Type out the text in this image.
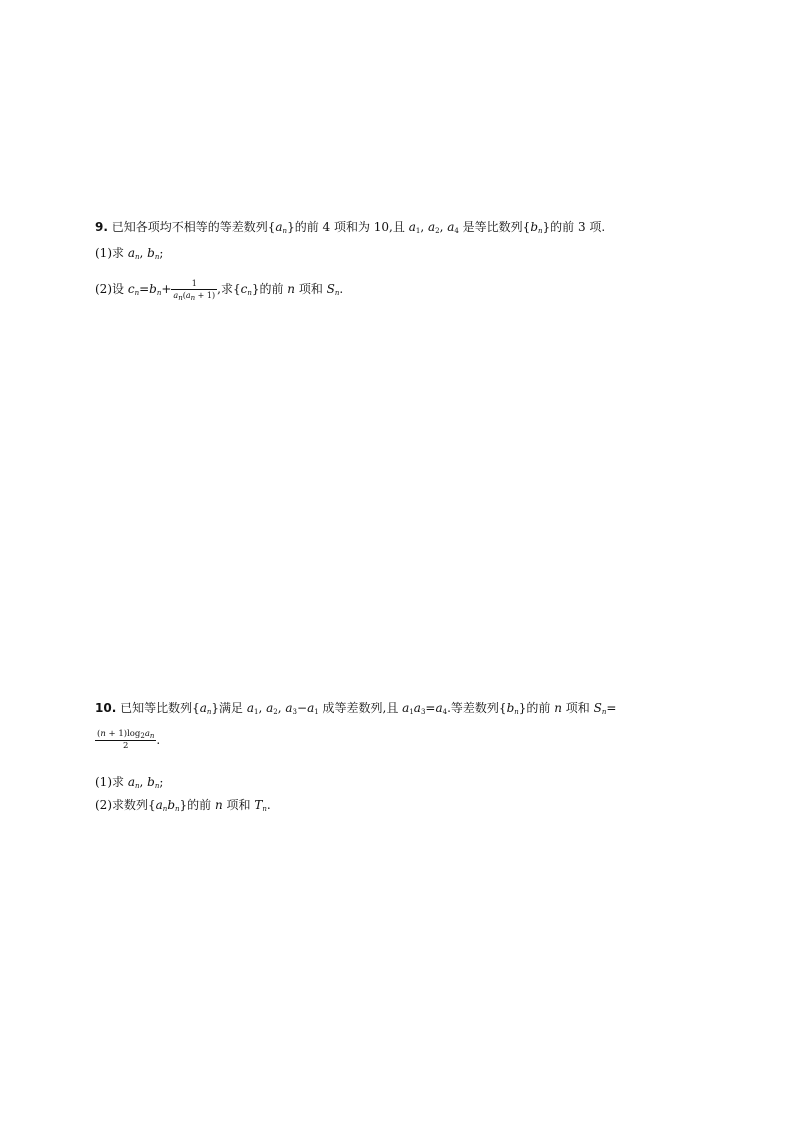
9. 已知各项均不相等的等差数列$\{a_n\}$的前 4 项和为 10,且 $a_1$, $a_2$, $a_4$ 是等比数列$\{b_n\}$的前 3 项.
(1)求 $a_n$, $b_n$;
(2)设 $c_n=b_n+ \frac{1}{a_n(a_n + 1)}$ ,求$\{c_n\}$的前 n 项和 $S_n$.
10. 已知等比数列$\{a_n\}$满足 $a_1$, $a_2$, $a_3-a_1$ 成等差数列,且 $a_1a_3=a_4$.等差数列$\{b_n\}$的前 n 项和 $S_n=$
$\frac{(n + 1)\log_2a_n}{2}$ .
(1)求 $a_n$, $b_n$;
(2)求数列$\{a_nb_n\}$的前 n 项和 $T_n$.
